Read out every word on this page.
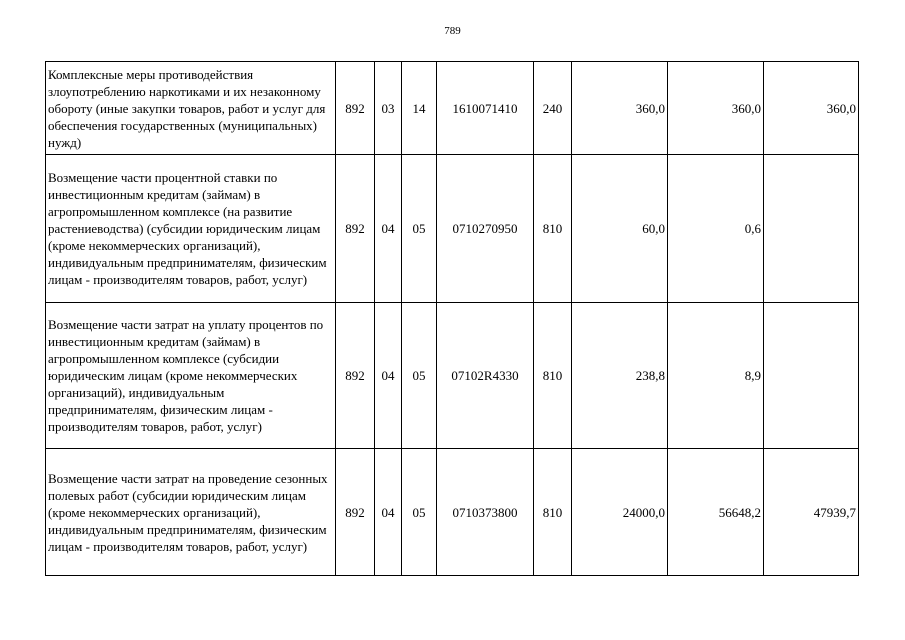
789
Комплексные меры противодействия злоупотреблению наркотиками и их незаконному обороту (иные закупки товаров, работ и услуг для обеспечения государственных (муниципальных) нужд)	892	03	14	1610071410	240	360,0	360,0	360,0
Возмещение части процентной ставки по инвестиционным кредитам (займам) в агропромышленном комплексе (на развитие растениеводства) (субсидии юридическим лицам (кроме некоммерческих организаций), индивидуальным предпринимателям, физическим лицам - производителям товаров, работ, услуг)	892	04	05	0710270950	810	60,0	0,6	
Возмещение части затрат на уплату процентов по инвестиционным кредитам (займам) в агропромышленном комплексе (субсидии юридическим лицам (кроме некоммерческих организаций), индивидуальным предпринимателям, физическим лицам - производителям товаров, работ, услуг)	892	04	05	07102R4330	810	238,8	8,9	
Возмещение части затрат на проведение сезонных полевых работ (субсидии юридическим лицам (кроме некоммерческих организаций), индивидуальным предпринимателям, физическим лицам - производителям товаров, работ, услуг)	892	04	05	0710373800	810	24000,0	56648,2	47939,7
